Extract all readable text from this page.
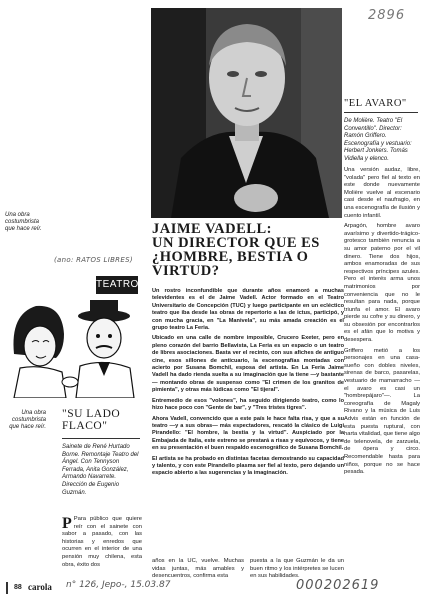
2896
JAIME VADELL:
UN DIRECTOR QUE ES
¿HOMBRE, BESTIA O
VIRTUD?

Un rostro inconfundible que durante años enamoró a muchas televidentes es el de Jaime Vadell. Actor formado en el Teatro Universitario de Concepción (TUC) y luego participante en un ecléctico teatro que iba desde las obras de repertorio a las de ictus, participó, y con mucha gracia, en "La Manivela", su más amada creación es el grupo teatro La Feria.

Ubicado en una calle de nombre imposible, Crucero Exeter, pero en pleno corazón del barrio Bellavista, La Feria es un espacio o un teatro de libres asociaciones. Basta ver el recinto, con sus afiches de antiguo cine, esos sillones de anticuario, la escenografías montadas con acierto por Susana Bomchil, esposa del artista. En La Feria Jaime Vadell ha dado rienda suelta a su imaginación que la tiene —y bastante— montando obras de suspenso como "El crimen de los granitos de pimienta", y otras más lúdicas como "El tijeral".

Entremedio de esos "volones", ha seguido dirigiendo teatro, como lo hizo hace poco con "Gente de bar", y "Tres tristes tigres".

Ahora Vadell, convencido que a este país le hace falta risa, y que a su teatro —y a sus obras— más espectadores, rescató la clásico de Luigi Pirandello: "El hombre, la bestia y la virtud". Auspiciado por la Embajada de Italia, este estreno se prestará a risas y equívocos, y tiene en su presentación el buen respaldo escenográfico de Susana Bomchil.

El artista se ha probado en distintas facetas demostrando su capacidad y talento, y con este Pirandello plasma ser fiel al texto, pero dejando un espacio abierto a las sugerencias y la imaginación.

años en la UC, vuelve. Muchas vidas juntas, más amables y desencuentros, confirma esta
puesta a la que Guzmán le da un buen ritmo y los intérpretes se lucen en sus habilidades.
"EL AVARO"
De Molière. Teatro "El Conventillo". Director: Ramón Griffero. Escenografía y vestuario: Herbert Jonkers. Tomás Vidiella y elenco.

Una versión audaz, libre, "volada" pero fiel al texto en este donde nuevamente Molière vuelve al escenario casi desde el naufragio, en una escenografía de ilusión y cuento infantil.

Arpagón, hombre avaro avarísimo y divertido-trágico-grotesco también renuncia a su amor paterno por el vil dinero. Tiene dos hijos, ambos enamoradas de sus respectivos príncipes azules. Pero el interés arma unos matrimonios por conveniencia que no le resultan para nada, porque triunfa el amor. El avaro pierde su cofre y su dinero, y su obsesión por encontrarlos es el afán que lo motiva y desespera.

Griffero metió a los personajes en una casa-sueño con dobles niveles, sirenas de barco, pasarelas, vestuario de mamarracho —el avaro es casi un "hombrepájaro"—. La coreografía de Magaly Rivano y la música de Luis Advis están en función de esta puesta ruptural, con harta vitalidad, que tiene algo de telenovela, de zarzuela, de ópera y circo. Recomendable hasta para niños, porque no se hace pesada.

Una obra costumbrista que hace reír.
(ano: RATOS LIBRES)
TEATRO
Una obra costumbrista que hace reír.
"SU LADO FLACO"
Sainete de René Hurtado Borne. Remontaje Teatro del Ángel. Con Tennyson Ferrada, Anita González, Armando Navarrete. Dirección de Eugenio Guzmán.
P Para público que quiere reír con el sainete con sabor a pasado, con las historias y enredos que ocurren en el interior de una pensión muy chilena, esta obra, éxito dos
88 carola n° 126, Jepo-, 15.03.87	000202619
